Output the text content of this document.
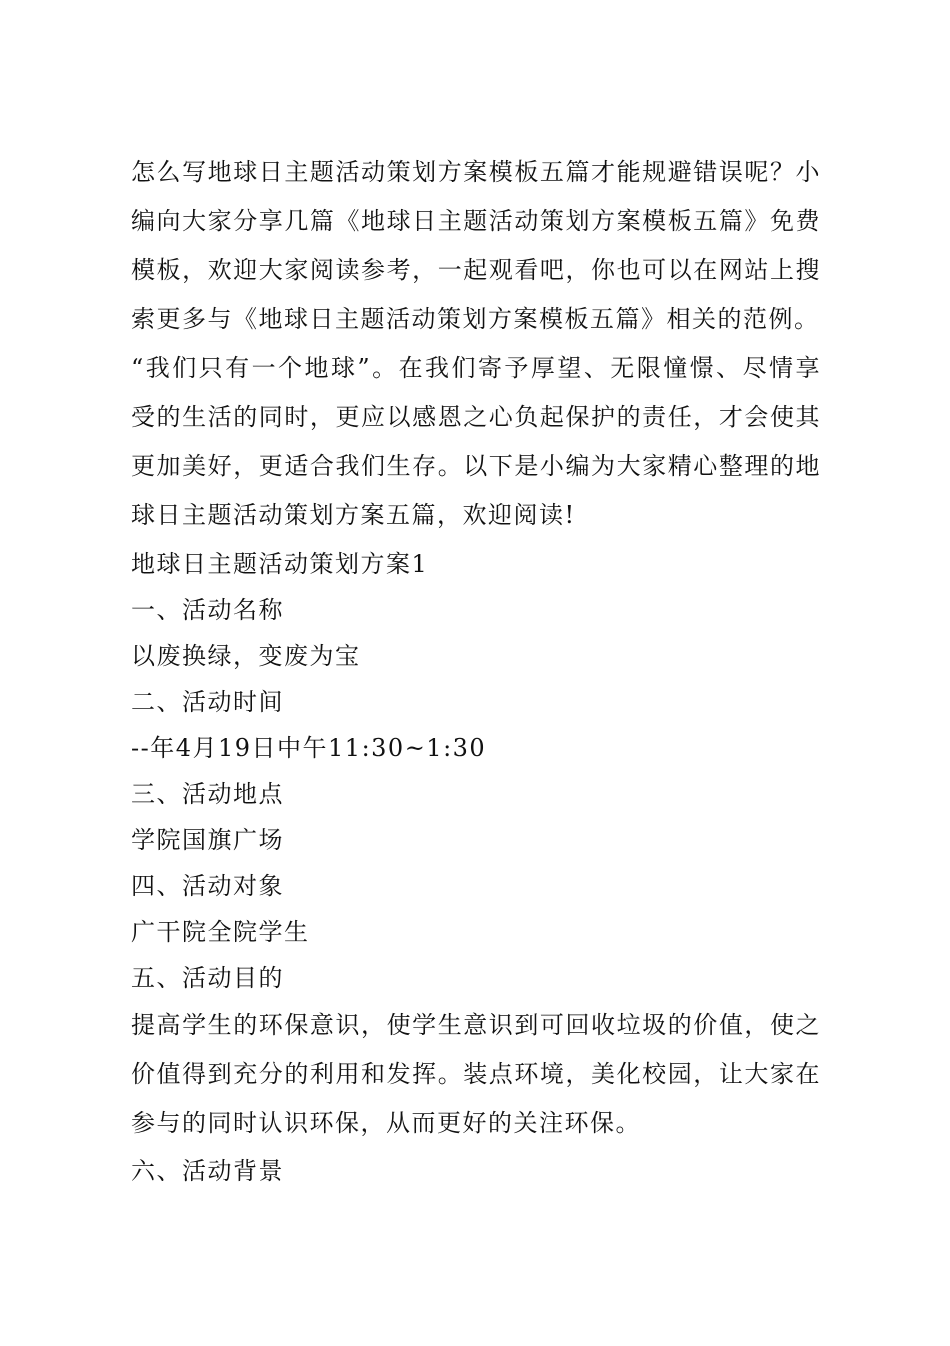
怎么写地球日主题活动策划方案模板五篇才能规避错误呢？小编向大家分享几篇《地球日主题活动策划方案模板五篇》免费模板，欢迎大家阅读参考，一起观看吧，你也可以在网站上搜索更多与《地球日主题活动策划方案模板五篇》相关的范例。

“我们只有一个地球”。在我们寄予厚望、无限憧憬、尽情享受的生活的同时，更应以感恩之心负起保护的责任，才会使其更加美好，更适合我们生存。以下是小编为大家精心整理的地球日主题活动策划方案五篇，欢迎阅读!

地球日主题活动策划方案1

一、活动名称

以废换绿，变废为宝

二、活动时间

--年4月19日中午11:30~1:30

三、活动地点

学院国旗广场

四、活动对象

广干院全院学生

五、活动目的

提高学生的环保意识，使学生意识到可回收垃圾的价值，使之价值得到充分的利用和发挥。装点环境，美化校园，让大家在参与的同时认识环保，从而更好的关注环保。

六、活动背景
